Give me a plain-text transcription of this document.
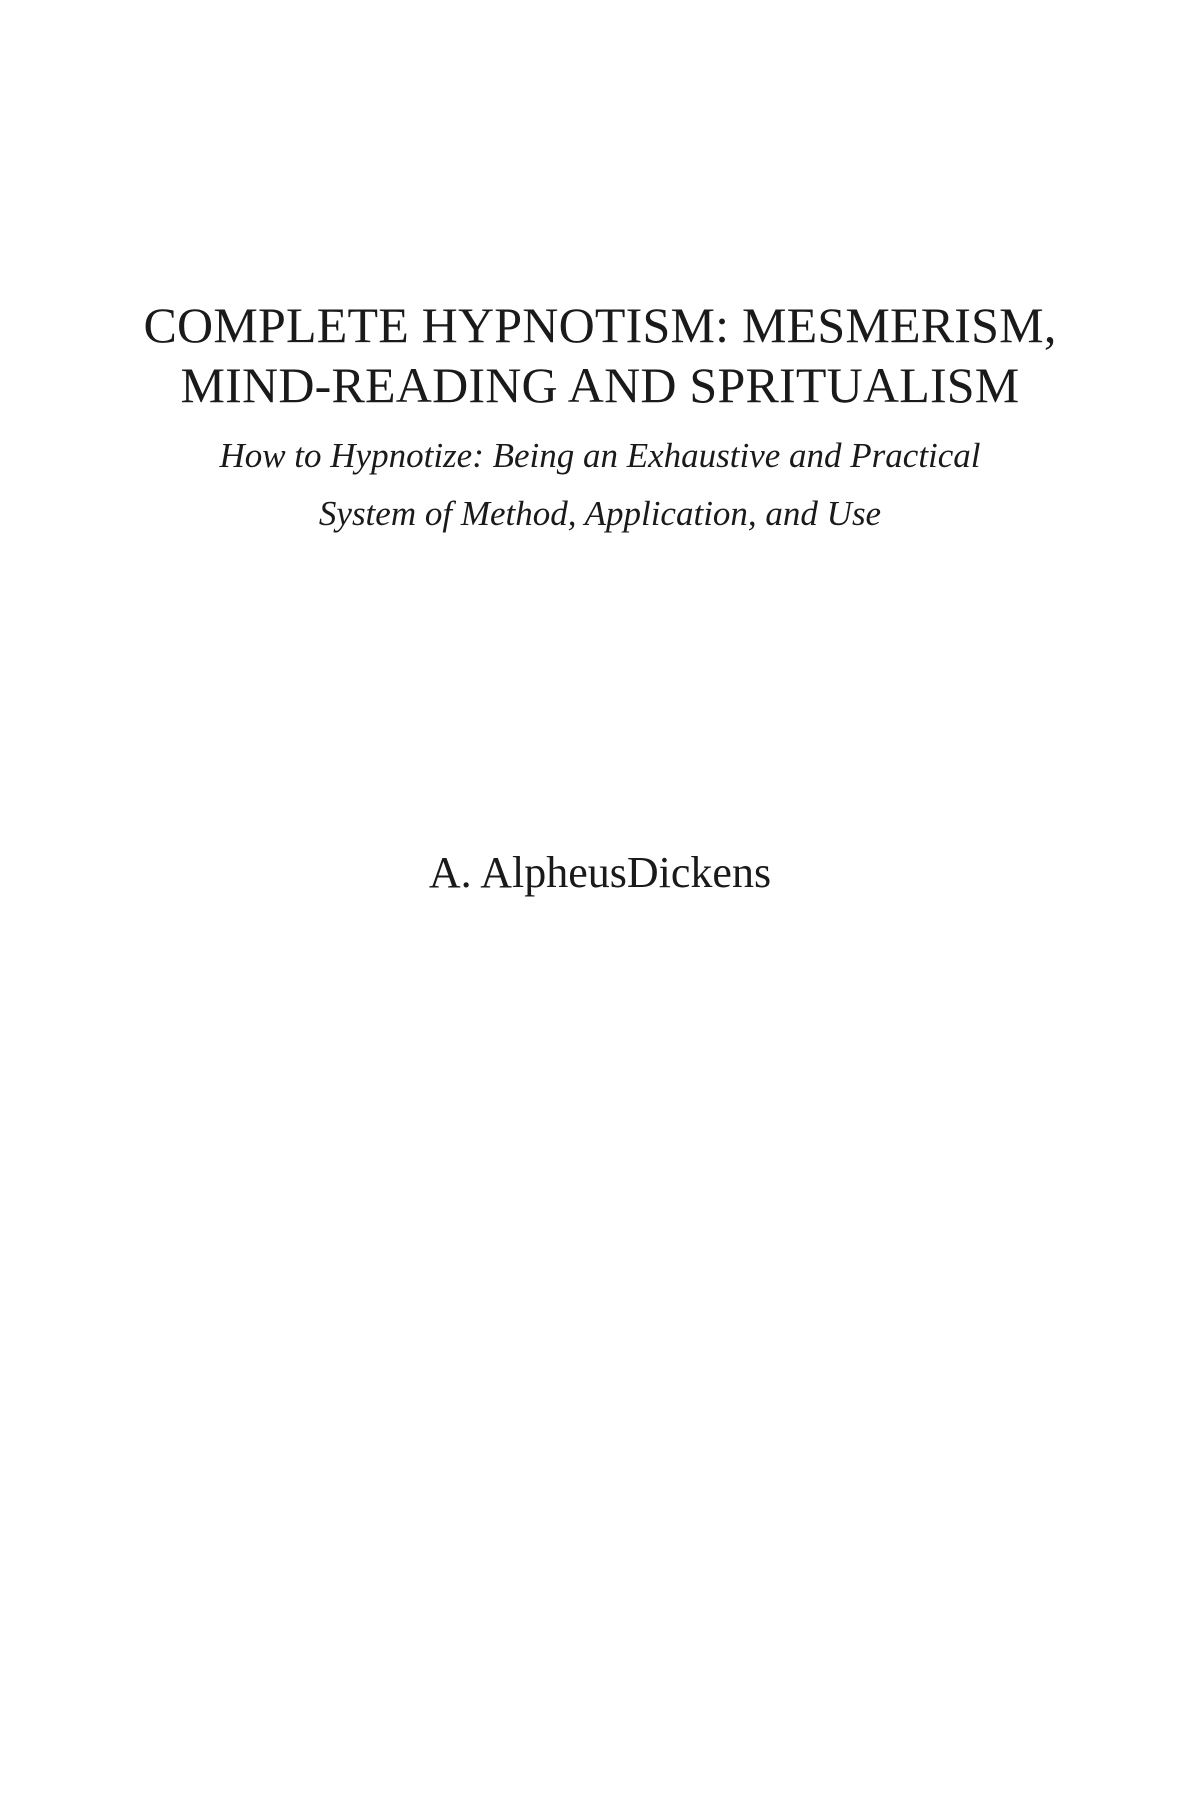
COMPLETE HYPNOTISM: MESMERISM,
MIND-READING AND SPRITUALISM
How to Hypnotize: Being an Exhaustive and Practical
System of Method, Application, and Use
A. AlpheusDickens
